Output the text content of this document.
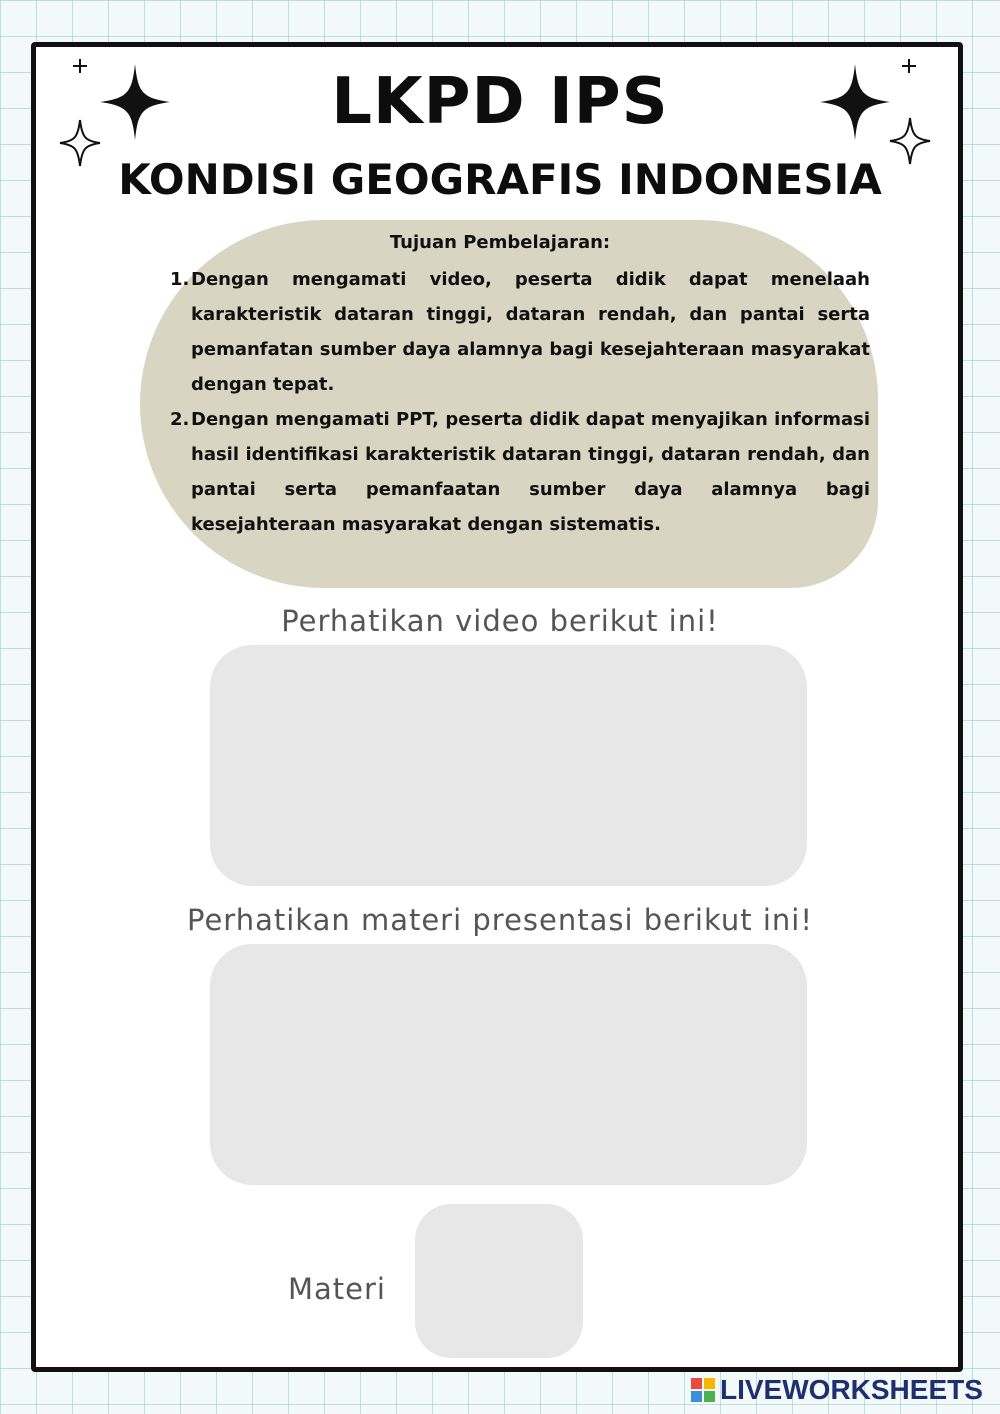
LKPD IPS
KONDISI GEOGRAFIS INDONESIA
Tujuan Pembelajaran:
1. Dengan mengamati video, peserta didik dapat menelaah karakteristik dataran tinggi, dataran rendah, dan pantai serta pemanfatan sumber daya alamnya bagi kesejahteraan masyarakat dengan tepat.
2. Dengan mengamati PPT, peserta didik dapat menyajikan informasi hasil identifikasi karakteristik dataran tinggi, dataran rendah, dan pantai serta pemanfaatan sumber daya alamnya bagi kesejahteraan masyarakat dengan sistematis.
Perhatikan video berikut ini!
Perhatikan materi presentasi berikut ini!
Materi
LIVEWORKSHEETS
